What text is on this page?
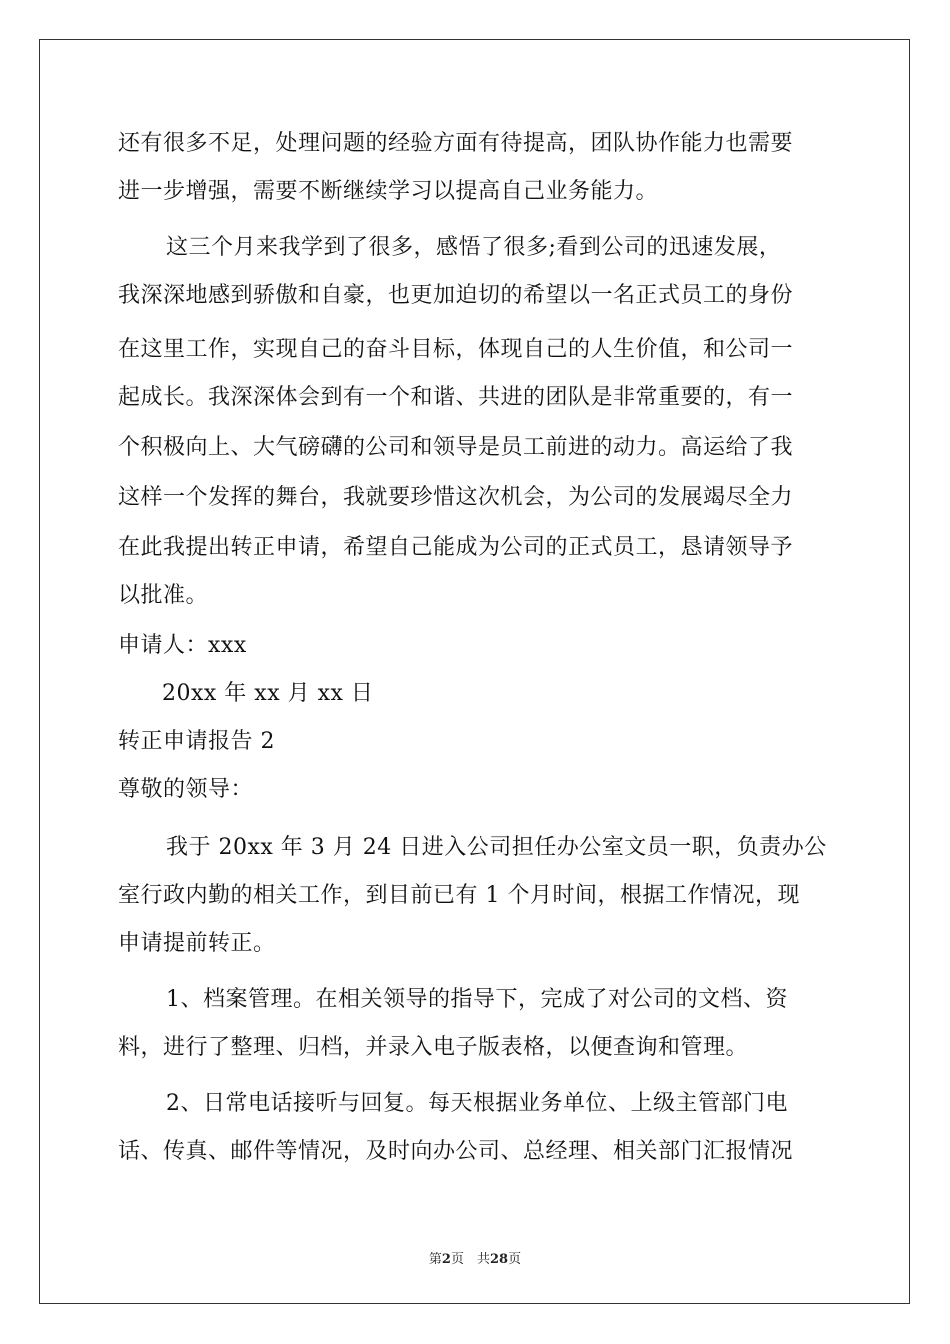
还有很多不足，处理问题的经验方面有待提高，团队协作能力也需要
进一步增强，需要不断继续学习以提高自己业务能力。
这三个月来我学到了很多，感悟了很多;看到公司的迅速发展，
我深深地感到骄傲和自豪，也更加迫切的希望以一名正式员工的身份
在这里工作，实现自己的奋斗目标，体现自己的人生价值，和公司一
起成长。我深深体会到有一个和谐、共进的团队是非常重要的，有一
个积极向上、大气磅礴的公司和领导是员工前进的动力。高运给了我
这样一个发挥的舞台，我就要珍惜这次机会，为公司的发展竭尽全力
在此我提出转正申请，希望自己能成为公司的正式员工，恳请领导予
以批准。
申请人：xxx
20xx 年 xx 月 xx 日
转正申请报告 2
尊敬的领导：
我于 20xx 年 3 月 24 日进入公司担任办公室文员一职，负责办公
室行政内勤的相关工作，到目前已有 1 个月时间，根据工作情况，现
申请提前转正。
1、档案管理。在相关领导的指导下，完成了对公司的文档、资
料，进行了整理、归档，并录入电子版表格，以便查询和管理。
2、日常电话接听与回复。每天根据业务单位、上级主管部门电
话、传真、邮件等情况，及时向办公司、总经理、相关部门汇报情况
第2页　共28页
